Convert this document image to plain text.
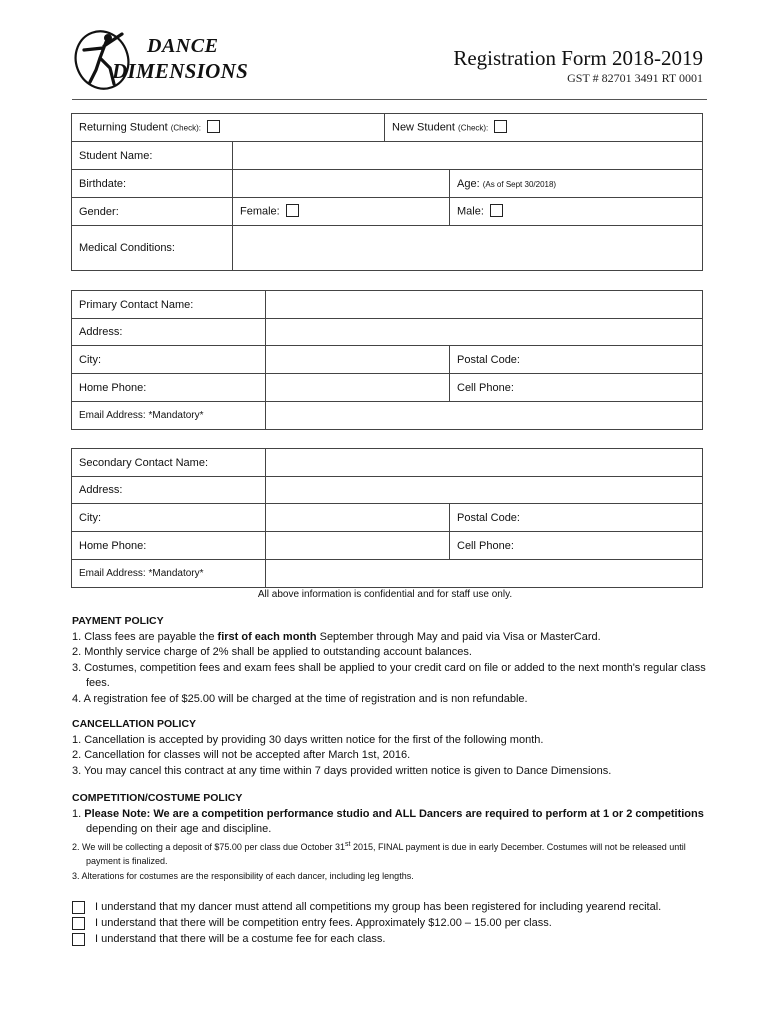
DANCE
DIMENSIONS
Registration Form 2018-2019
GST # 82701 3491 RT 0001
Returning Student (Check):		New Student (Check):	
Student Name:			
Birthdate:			Age: (As of Sept 30/2018)
Gender:	Female:		Male:
Medical Conditions:			
Primary Contact Name:		
Address:		
City:		Postal Code:
Home Phone:		Cell Phone:
Email Address: *Mandatory*		
Secondary Contact Name:		
Address:		
City:		Postal Code:
Home Phone:		Cell Phone:
Email Address: *Mandatory*		
All above information is confidential and for staff use only.
PAYMENT POLICY
1. Class fees are payable the first of each month September through May and paid via Visa or MasterCard.
2. Monthly service charge of 2% shall be applied to outstanding account balances.
3. Costumes, competition fees and exam fees shall be applied to your credit card on file or added to the next month's regular class fees.
4. A registration fee of $25.00 will be charged at the time of registration and is non refundable.
CANCELLATION POLICY
1. Cancellation is accepted by providing 30 days written notice for the first of the following month.
2. Cancellation for classes will not be accepted after March 1st, 2016.
3. You may cancel this contract at any time within 7 days provided written notice is given to Dance Dimensions.
COMPETITION/COSTUME POLICY
1. Please Note: We are a competition performance studio and ALL Dancers are required to perform at 1 or 2 competitions depending on their age and discipline.
2. We will be collecting a deposit of $75.00 per class due October 31st 2015, FINAL payment is due in early December. Costumes will not be released until payment is finalized.
3. Alterations for costumes are the responsibility of each dancer, including leg lengths.
I understand that my dancer must attend all competitions my group has been registered for including yearend recital.
I understand that there will be competition entry fees. Approximately $12.00 – 15.00 per class.
I understand that there will be a costume fee for each class.
